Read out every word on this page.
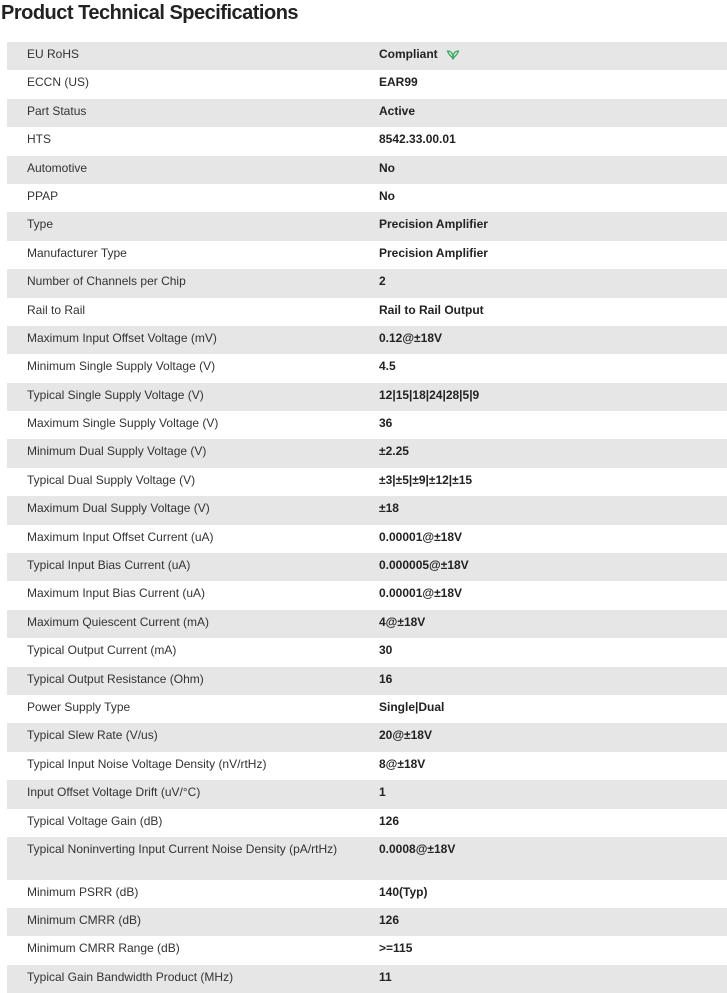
Product Technical Specifications
EU RoHS	Compliant
ECCN (US)	EAR99
Part Status	Active
HTS	8542.33.00.01
Automotive	No
PPAP	No
Type	Precision Amplifier
Manufacturer Type	Precision Amplifier
Number of Channels per Chip	2
Rail to Rail	Rail to Rail Output
Maximum Input Offset Voltage (mV)	0.12@±18V
Minimum Single Supply Voltage (V)	4.5
Typical Single Supply Voltage (V)	12|15|18|24|28|5|9
Maximum Single Supply Voltage (V)	36
Minimum Dual Supply Voltage (V)	±2.25
Typical Dual Supply Voltage (V)	±3|±5|±9|±12|±15
Maximum Dual Supply Voltage (V)	±18
Maximum Input Offset Current (uA)	0.00001@±18V
Typical Input Bias Current (uA)	0.000005@±18V
Maximum Input Bias Current (uA)	0.00001@±18V
Maximum Quiescent Current (mA)	4@±18V
Typical Output Current (mA)	30
Typical Output Resistance (Ohm)	16
Power Supply Type	Single|Dual
Typical Slew Rate (V/us)	20@±18V
Typical Input Noise Voltage Density (nV/rtHz)	8@±18V
Input Offset Voltage Drift (uV/°C)	1
Typical Voltage Gain (dB)	126
Typical Noninverting Input Current Noise Density (pA/rtHz)	0.0008@±18V
Minimum PSRR (dB)	140(Typ)
Minimum CMRR (dB)	126
Minimum CMRR Range (dB)	>=115
Typical Gain Bandwidth Product (MHz)	11
